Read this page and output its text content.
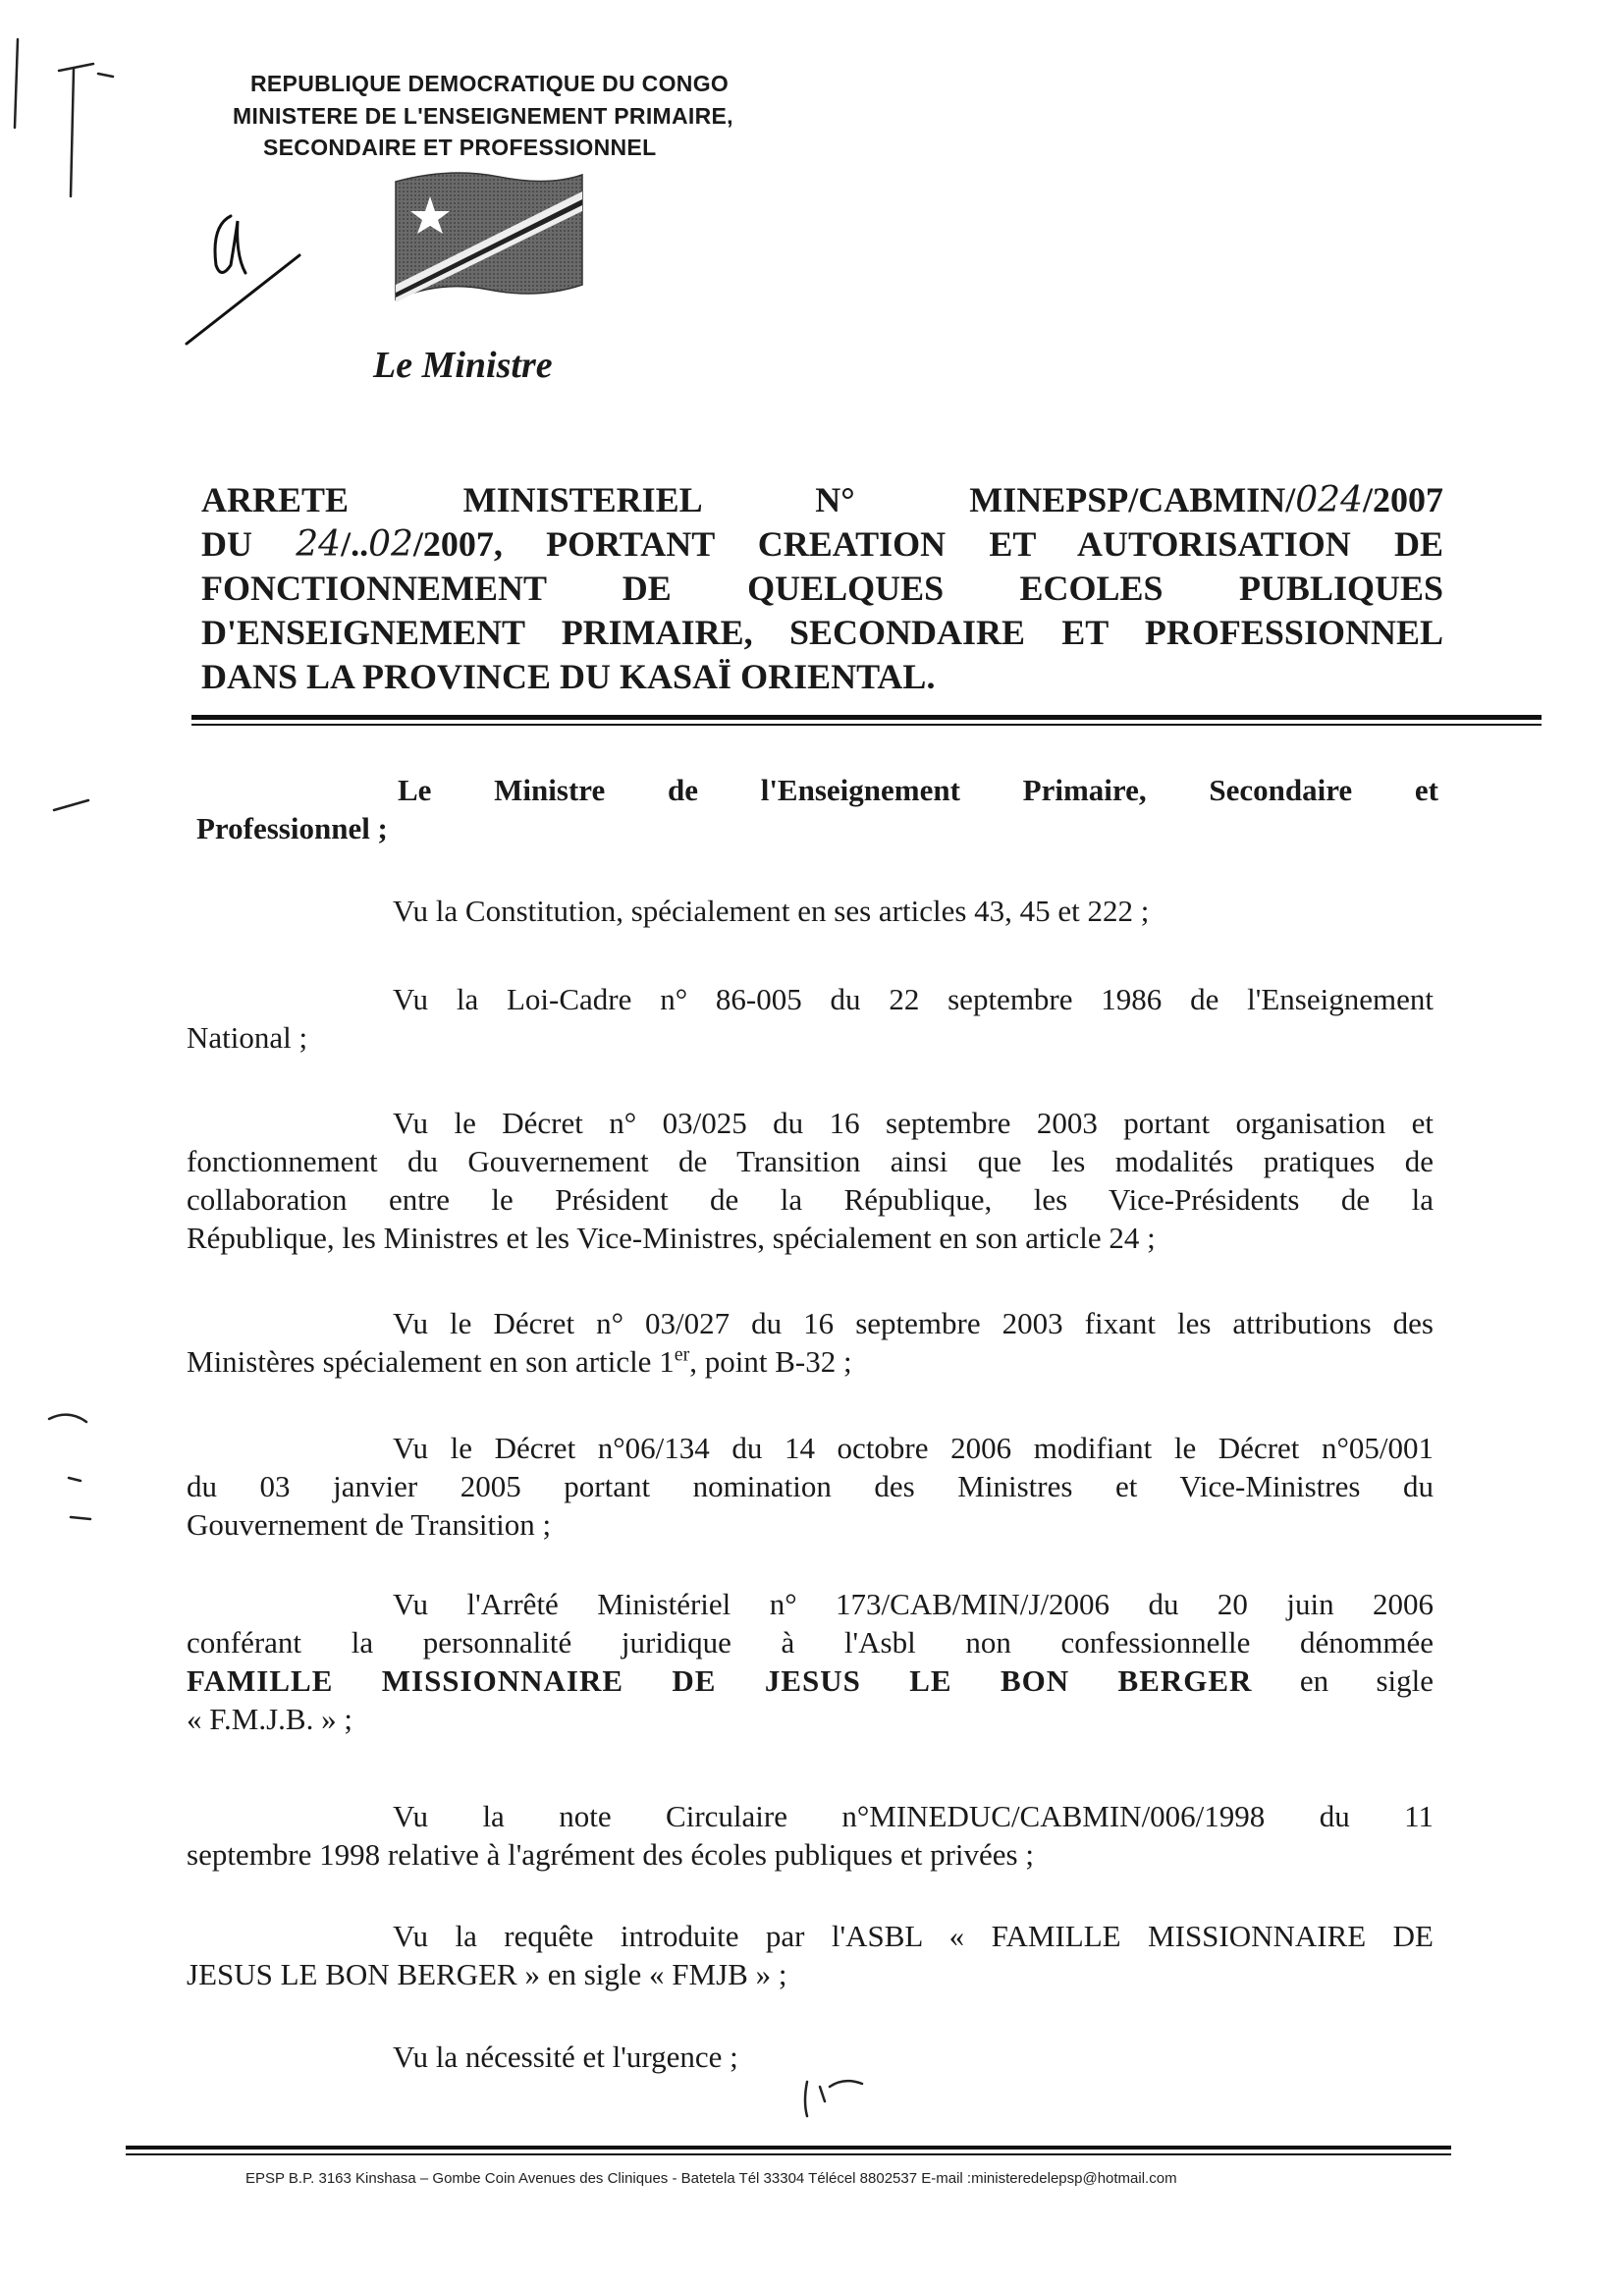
REPUBLIQUE DEMOCRATIQUE DU CONGO
MINISTERE DE L'ENSEIGNEMENT PRIMAIRE,
SECONDAIRE ET PROFESSIONNEL
Le Ministre
ARRETE	MINISTERIEL	N°	MINEPSP/CABMIN/024/2007
DU 24/..02/2007, PORTANT CREATION ET AUTORISATION DE
FONCTIONNEMENT DE QUELQUES ECOLES PUBLIQUES
D'ENSEIGNEMENT PRIMAIRE, SECONDAIRE ET PROFESSIONNEL
DANS LA PROVINCE DU KASAÏ ORIENTAL.
Le Ministre de l'Enseignement Primaire, Secondaire et
Professionnel ;
Vu la Constitution, spécialement en ses articles 43, 45 et 222 ;
Vu la Loi-Cadre n° 86-005 du 22 septembre 1986 de l'Enseignement
National ;
Vu le Décret n° 03/025 du 16 septembre 2003 portant organisation et
fonctionnement du Gouvernement de Transition ainsi que les modalités pratiques de
collaboration entre le Président de la République, les Vice-Présidents de la
République, les Ministres et les Vice-Ministres, spécialement en son article 24 ;
Vu le Décret n° 03/027 du 16 septembre 2003 fixant les attributions des
Ministères spécialement en son article 1er, point B-32 ;
Vu le Décret n°06/134 du 14 octobre 2006 modifiant le Décret n°05/001
du 03 janvier 2005 portant nomination des Ministres et Vice-Ministres du
Gouvernement de Transition ;
Vu l'Arrêté Ministériel n° 173/CAB/MIN/J/2006 du 20 juin 2006
conférant la personnalité juridique à l'Asbl non confessionnelle dénommée
FAMILLE MISSIONNAIRE DE JESUS LE BON BERGER en sigle
« F.M.J.B. » ;
Vu la note Circulaire n°MINEDUC/CABMIN/006/1998 du 11
septembre 1998 relative à l'agrément des écoles publiques et privées ;
Vu la requête introduite par l'ASBL « FAMILLE MISSIONNAIRE DE
JESUS LE BON BERGER » en sigle « FMJB » ;
Vu la nécessité et l'urgence ;
EPSP B.P. 3163 Kinshasa – Gombe Coin Avenues des Cliniques - Batetela Tél 33304 Télécel 8802537 E-mail :ministeredelepsp@hotmail.com
